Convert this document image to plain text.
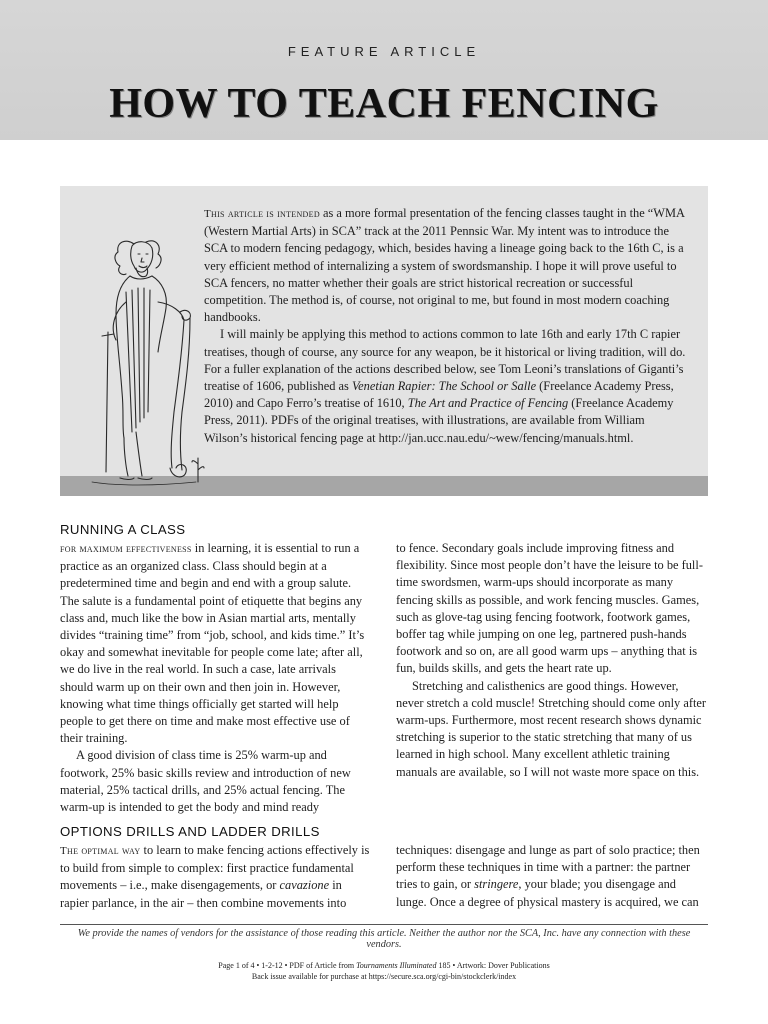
FEATURE ARTICLE
HOW TO TEACH FENCING

This article is intended as a more formal presentation of the fencing classes taught in the “WMA (Western Martial Arts) in SCA” track at the 2011 Pennsic War. My intent was to introduce the SCA to modern fencing pedagogy, which, besides having a lineage going back to the 16th C, is a very efficient method of internalizing a system of swordsmanship. I hope it will prove useful to SCA fencers, no matter whether their goals are strict historical recreation or successful competition. The method is, of course, not original to me, but found in most modern coaching handbooks.

I will mainly be applying this method to actions common to late 16th and early 17th C rapier treatises, though of course, any source for any weapon, be it historical or living tradition, will do. For a fuller explanation of the actions described below, see Tom Leoni’s translations of Giganti’s treatise of 1606, published as Venetian Rapier: The School or Salle (Freelance Academy Press, 2010) and Capo Ferro’s treatise of 1610, The Art and Practice of Fencing (Freelance Academy Press, 2011). PDFs of the original treatises, with illustrations, are available from William Wilson’s historical fencing page at http://jan.ucc.nau.edu/~wew/fencing/manuals.html.

RUNNING A CLASS

for maximum effectiveness in learning, it is essential to run a practice as an organized class. Class should begin at a predetermined time and begin and end with a group salute. The salute is a fundamental point of etiquette that begins any class and, much like the bow in Asian martial arts, mentally divides “training time” from “job, school, and kids time.” It’s okay and somewhat inevitable for people come late; after all, we do live in the real world. In such a case, late arrivals should warm up on their own and then join in. However, knowing what time things officially get started will help people to get there on time and make most effective use of their training.

A good division of class time is 25% warm-up and footwork, 25% basic skills review and introduction of new material, 25% tactical drills, and 25% actual fencing. The warm-up is intended to get the body and mind ready

to fence. Secondary goals include improving fitness and flexibility. Since most people don’t have the leisure to be full-time swordsmen, warm-ups should incorporate as many fencing skills as possible, and work fencing muscles. Games, such as glove-tag using fencing footwork, footwork games, boffer tag while jumping on one leg, partnered push-hands footwork and so on, are all good warm ups – anything that is fun, builds skills, and gets the heart rate up.

Stretching and calisthenics are good things. However, never stretch a cold muscle! Stretching should come only after warm-ups. Furthermore, most recent research shows dynamic stretching is superior to the static stretching that many of us learned in high school. Many excellent athletic training manuals are available, so I will not waste more space on this.

OPTIONS DRILLS AND LADDER DRILLS

The optimal way to learn to make fencing actions effectively is to build from simple to complex: first practice fundamental movements – i.e., make disengagements, or cavazione in rapier parlance, in the air – then combine movements into

techniques: disengage and lunge as part of solo practice; then perform these techniques in time with a partner: the partner tries to gain, or stringere, your blade; you disengage and lunge. Once a degree of physical mastery is acquired, we can

We provide the names of vendors for the assistance of those reading this article. Neither the author nor the SCA, Inc. have any connection with these vendors.
Page 1 of 4 • 1-2-12 • PDF of Article from Tournaments Illuminated 185 • Artwork: Dover Publications
Back issue available for purchase at https://secure.sca.org/cgi-bin/stockclerk/index
